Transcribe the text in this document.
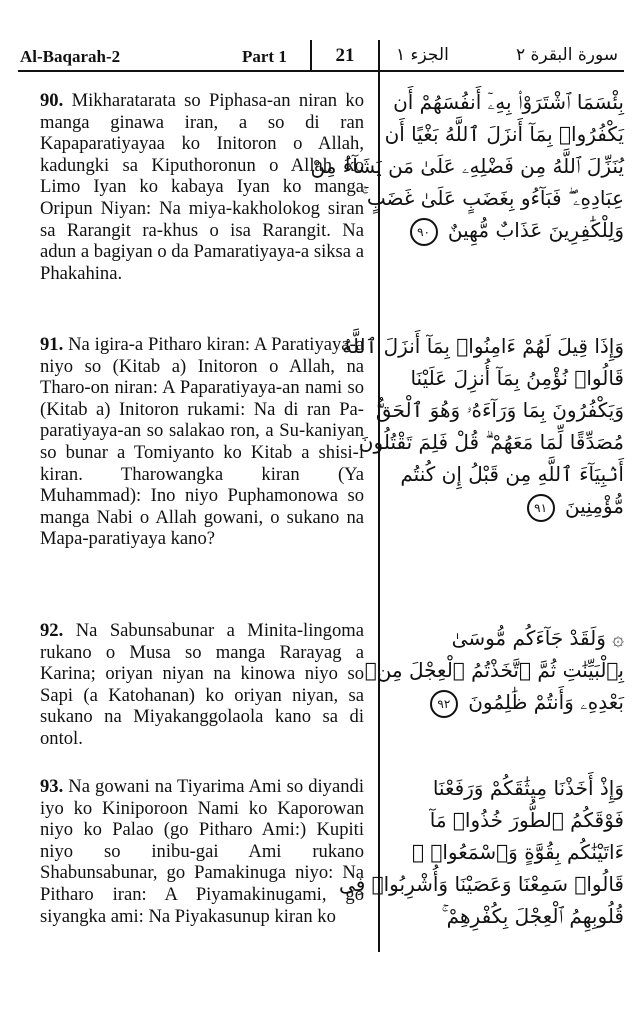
Al-Baqarah-2	Part 1	21	الجزء ١	سورة البقرة ٢

90. Mikharatarata so Piphasa-an niran ko manga ginawa iran, a so di ran Kapaparatiyayaa ko Initoron o Allah, kadungki sa Kiputhoronun o Allah ko Limo Iyan ko kabaya Iyan ko manga Oripun Niyan: Na miya-kakholokog siran sa Rarangit ra-khus o isa Rarangit. Na adun a bagiyan o da Pamaratiyaya-a siksa a Phakahina.

91. Na igira-a Pitharo kiran: A Paratiyaya-a niyo so (Kitab a) Initoron o Allah, na Tharo-on niran: A Paparatiyaya-an nami so (Kitab a) Initoron rukami: Na di ran Pa-paratiyaya-an so salakao ron, a Su-kaniyan so bunar a Tomiyanto ko Kitab a shisi-i kiran. Tharowangka kiran (Ya Muhammad): Ino niyo Puphamonowa so manga Nabi o Allah gowani, o sukano na Mapa-paratiyaya kano?

92. Na Sabunsabunar a Minita-lingoma rukano o Musa so manga Rarayag a Karina; oriyan niyan na kinowa niyo so Sapi (a Katohanan) ko oriyan niyan, sa sukano na Miyakanggolaola kano sa di ontol.

93. Na gowani na Tiyarima Ami so diyandi iyo ko Kiniporoon Nami ko Kaporowan niyo ko Palao (go Pitharo Ami:) Kupiti niyo so inibu-gai Ami rukano Shabunsabunar, go Pamakinuga niyo: Na Pitharo iran: A Piyamakinugami, go siyangka ami: Na Piyakasunup kiran ko

بِئْسَمَا ٱشْتَرَوْا۟ بِهِۦٓ أَنفُسَهُمْ أَن
يَكْفُرُوا۟ بِمَآ أَنزَلَ ٱللَّهُ بَغْيًا أَن
يُنَزِّلَ ٱللَّهُ مِن فَضْلِهِۦ عَلَىٰ مَن يَشَآءُ مِنْ
عِبَادِهِۦ ۖ فَبَآءُو بِغَضَبٍ عَلَىٰ غَضَبٍ ۚ
وَلِلْكَٰفِرِينَ عَذَابٌ مُّهِينٌ ٩٠
وَإِذَا قِيلَ لَهُمْ ءَامِنُوا۟ بِمَآ أَنزَلَ ٱللَّهُ
قَالُوا۟ نُؤْمِنُ بِمَآ أُنزِلَ عَلَيْنَا
وَيَكْفُرُونَ بِمَا وَرَآءَهُۥ وَهُوَ ٱلْحَقُّ
مُصَدِّقًا لِّمَا مَعَهُمْ ۗ قُلْ فَلِمَ تَقْتُلُونَ
أَنۢبِيَآءَ ٱللَّهِ مِن قَبْلُ إِن كُنتُم
مُّؤْمِنِينَ ٩١
۞ وَلَقَدْ جَآءَكُم مُّوسَىٰ
بِٱلْبَيِّنَٰتِ ثُمَّ ٱتَّخَذْتُمُ ٱلْعِجْلَ مِنۢ
بَعْدِهِۦ وَأَنتُمْ ظَٰلِمُونَ ٩٢
وَإِذْ أَخَذْنَا مِيثَٰقَكُمْ وَرَفَعْنَا
فَوْقَكُمُ ٱلطُّورَ خُذُوا۟ مَآ
ءَاتَيْنَٰكُم بِقُوَّةٍ وَٱسْمَعُوا۟ ۖ
قَالُوا۟ سَمِعْنَا وَعَصَيْنَا وَأُشْرِبُوا۟ فِى
قُلُوبِهِمُ ٱلْعِجْلَ بِكُفْرِهِمْ ۚ
